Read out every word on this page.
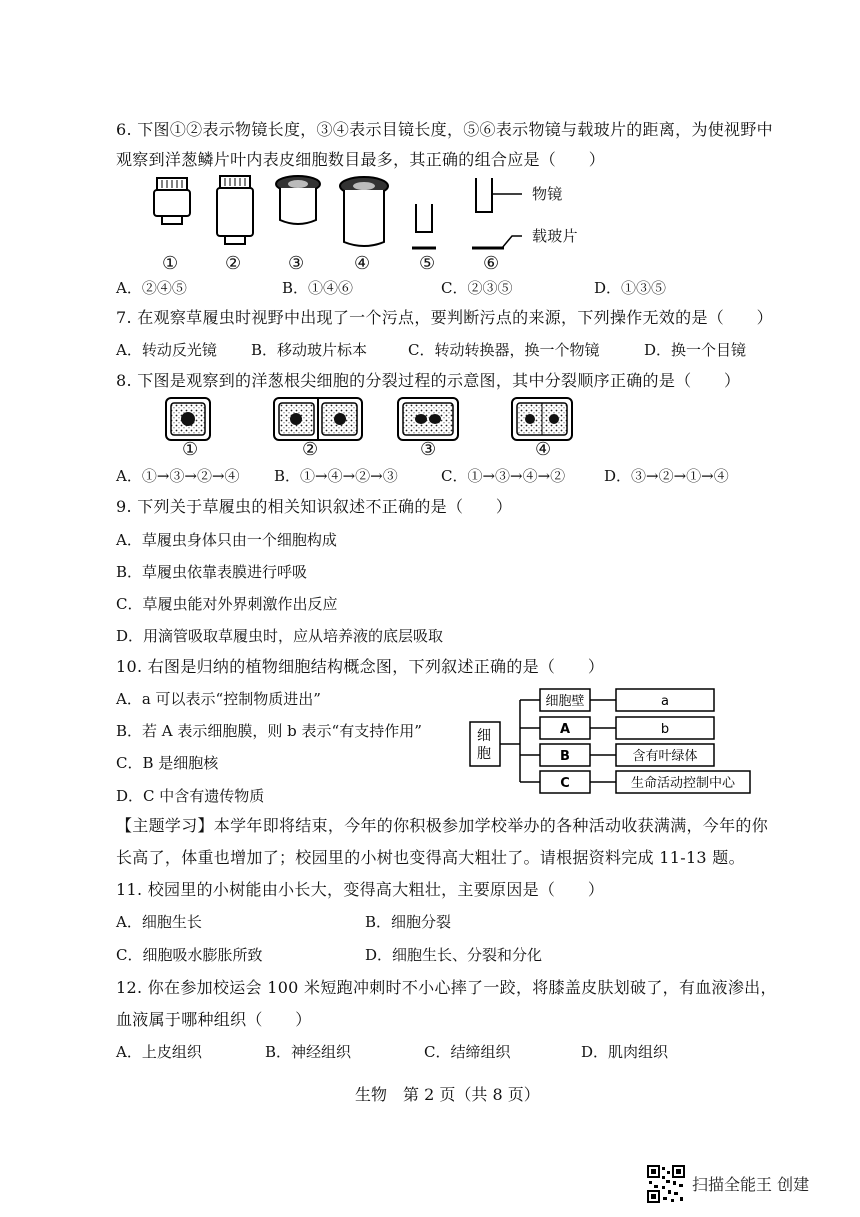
6. 下图①②表示物镜长度，③④表示目镜长度，⑤⑥表示物镜与载玻片的距离，为使视野中
观察到洋葱鳞片叶内表皮细胞数目最多，其正确的组合应是（　　）
物镜
载玻片
①	②	③	④	⑤	⑥
A．②④⑤	B．①④⑥	C．②③⑤	D．①③⑤
7. 在观察草履虫时视野中出现了一个污点，要判断污点的来源，下列操作无效的是（　　）
A．转动反光镜 B．移动玻片标本	C．转动转换器，换一个物镜	D．换一个目镜
8. 下图是观察到的洋葱根尖细胞的分裂过程的示意图，其中分裂顺序正确的是（　　）
①	②	③	④
A．①→③→②→④ B．①→④→②→③	C．①→③→④→②	D．③→②→①→④
9. 下列关于草履虫的相关知识叙述不正确的是（　　）
A．草履虫身体只由一个细胞构成
B．草履虫依靠表膜进行呼吸
C．草履虫能对外界刺激作出反应
D．用滴管吸取草履虫时，应从培养液的底层吸取
10. 右图是归纳的植物细胞结构概念图，下列叙述正确的是（　　）
A．a 可以表示“控制物质进出”
B．若 A 表示细胞膜，则 b 表示“有支持作用”
C．B 是细胞核
D．C 中含有遗传物质
细
胞
细胞壁
A
B
C
a
b
含有叶绿体
生命活动控制中心
【主题学习】本学年即将结束，今年的你积极参加学校举办的各种活动收获满满，今年的你
长高了，体重也增加了；校园里的小树也变得高大粗壮了。请根据资料完成 11-13 题。
11. 校园里的小树能由小长大，变得高大粗壮，主要原因是（　　）
A．细胞生长	B．细胞分裂
C．细胞吸水膨胀所致	D．细胞生长、分裂和分化
12. 你在参加校运会 100 米短跑冲刺时不小心摔了一跤，将膝盖皮肤划破了，有血液渗出，
血液属于哪种组织（　　）
A．上皮组织	B．神经组织	C．结缔组织	D．肌肉组织
生物　第 2 页（共 8 页）
扫描全能王 创建
